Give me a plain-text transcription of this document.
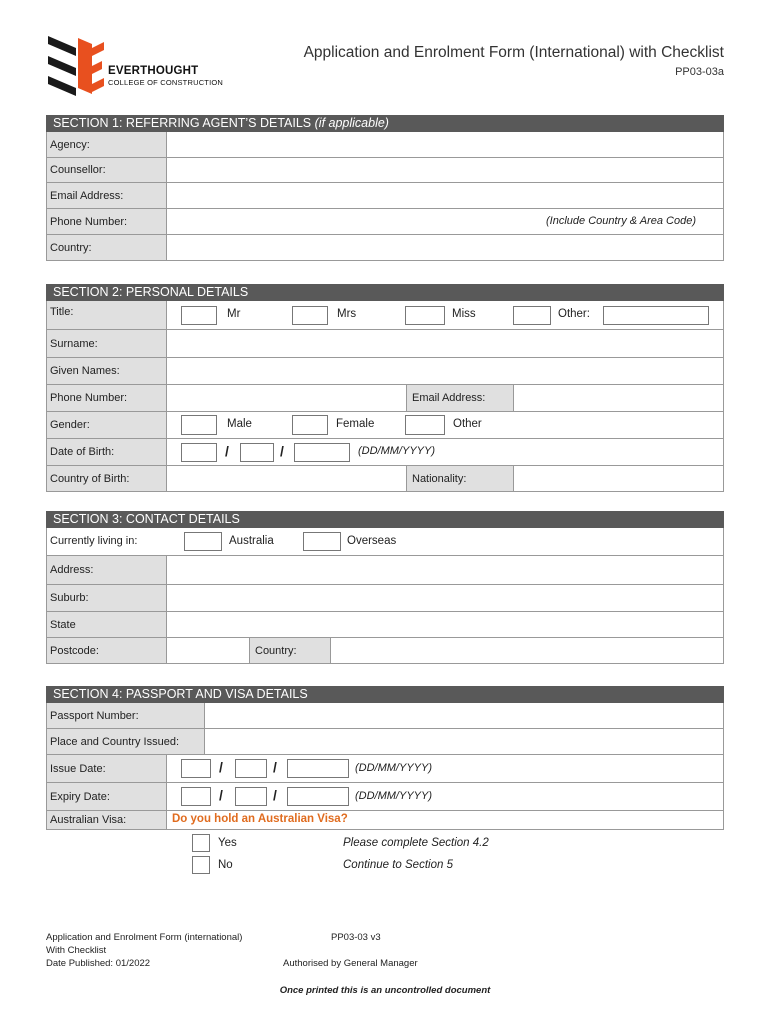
EVERTHOUGHT
COLLEGE OF CONSTRUCTION
Application and Enrolment Form (International) with Checklist
PP03-03a
SECTION 1: REFERRING AGENT’S DETAILS (if applicable)
Agency:
Counsellor:
Email Address:
Phone Number:	(Include Country & Area Code)
Country:
SECTION 2: PERSONAL DETAILS
Title:	Mr	Mrs	Miss	Other:
Surname:
Given Names:
Phone Number:	Email Address:
Gender:	Male	Female	Other
Date of Birth:	/	/	(DD/MM/YYYY)
Country of Birth:	Nationality:
SECTION 3: CONTACT DETAILS
Currently living in:	Australia	Overseas
Address:
Suburb:
State
Postcode:	Country:
SECTION 4: PASSPORT AND VISA DETAILS
Passport Number:
Place and Country Issued:
Issue Date:	/	/	(DD/MM/YYYY)
Expiry Date:	/	/	(DD/MM/YYYY)
Australian Visa:	Do you hold an Australian Visa?
Yes	Please complete Section 4.2
No	Continue to Section 5
Application and Enrolment Form (international)
With Checklist
Date Published: 01/2022
PP03-03 v3
Authorised by General Manager
Once printed this is an uncontrolled document
